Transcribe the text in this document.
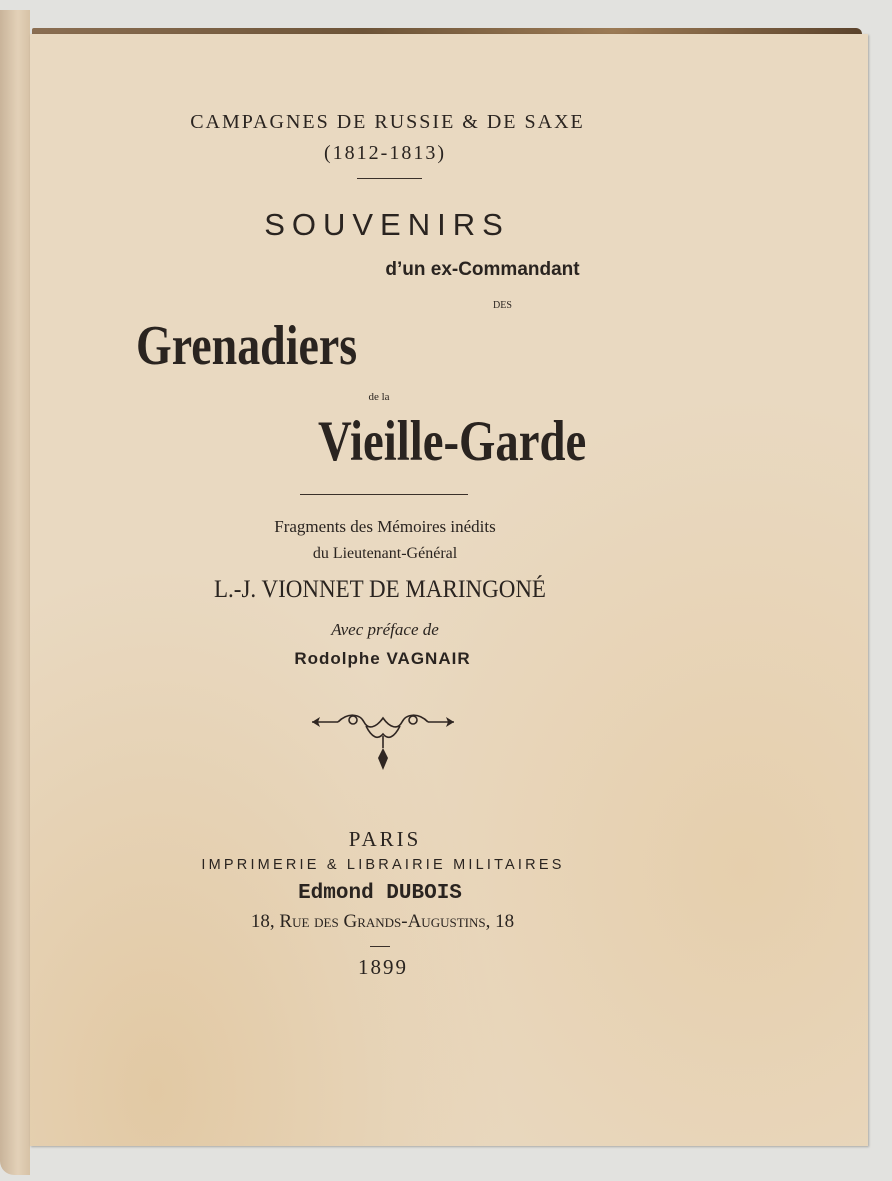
CAMPAGNES DE RUSSIE & DE SAXE
(1812-1813)
SOUVENIRS
d’un ex-Commandant
DES
Grenadiers
de la
Vieille-Garde
Fragments des Mémoires inédits
du Lieutenant-Général
L.-J. VIONNET DE MARINGONÉ
Avec préface de
Rodolphe VAGNAIR
PARIS
IMPRIMERIE & LIBRAIRIE MILITAIRES
Edmond DUBOIS
18, Rue des Grands-Augustins, 18
1899
